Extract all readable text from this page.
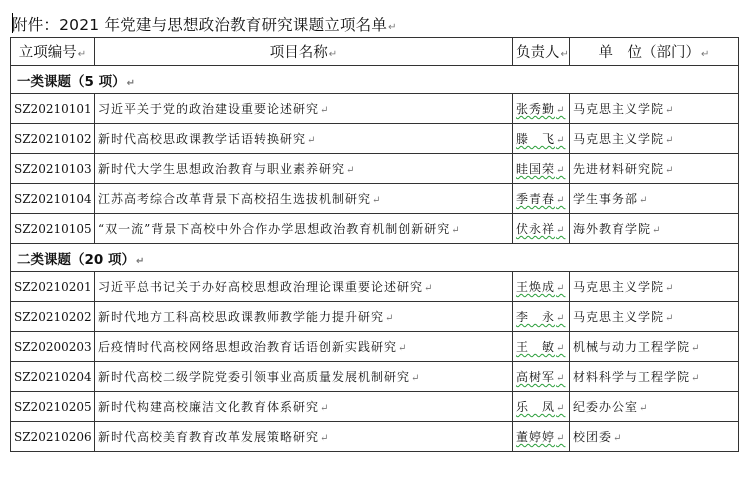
附件：2021 年党建与思想政治教育研究课题立项名单↵
立项编号↵	项目名称↵	负责人↵	单　位（部门）↵
一类课题（5 项）↵			
SZ20210101	习近平关于党的政治建设重要论述研究↵	张秀勤↵	马克思主义学院↵
SZ20210102	新时代高校思政课教学话语转换研究↵	滕　飞↵	马克思主义学院↵
SZ20210103	新时代大学生思想政治教育与职业素养研究↵	眭国荣↵	先进材料研究院↵
SZ20210104	江苏高考综合改革背景下高校招生选拔机制研究↵	季青春↵	学生事务部↵
SZ20210105	“双一流”背景下高校中外合作办学思想政治教育机制创新研究↵	伏永祥↵	海外教育学院↵
二类课题（20 项）↵			
SZ20210201	习近平总书记关于办好高校思想政治理论课重要论述研究↵	王焕成↵	马克思主义学院↵
SZ20210202	新时代地方工科高校思政课教师教学能力提升研究↵	李　永↵	马克思主义学院↵
SZ20200203	后疫情时代高校网络思想政治教育话语创新实践研究↵	王　敏↵	机械与动力工程学院↵
SZ20210204	新时代高校二级学院党委引领事业高质量发展机制研究↵	高树军↵	材料科学与工程学院↵
SZ20210205	新时代构建高校廉洁文化教育体系研究↵	乐　凤↵	纪委办公室↵
SZ20210206	新时代高校美育教育改革发展策略研究↵	董婷婷↵	校团委↵
